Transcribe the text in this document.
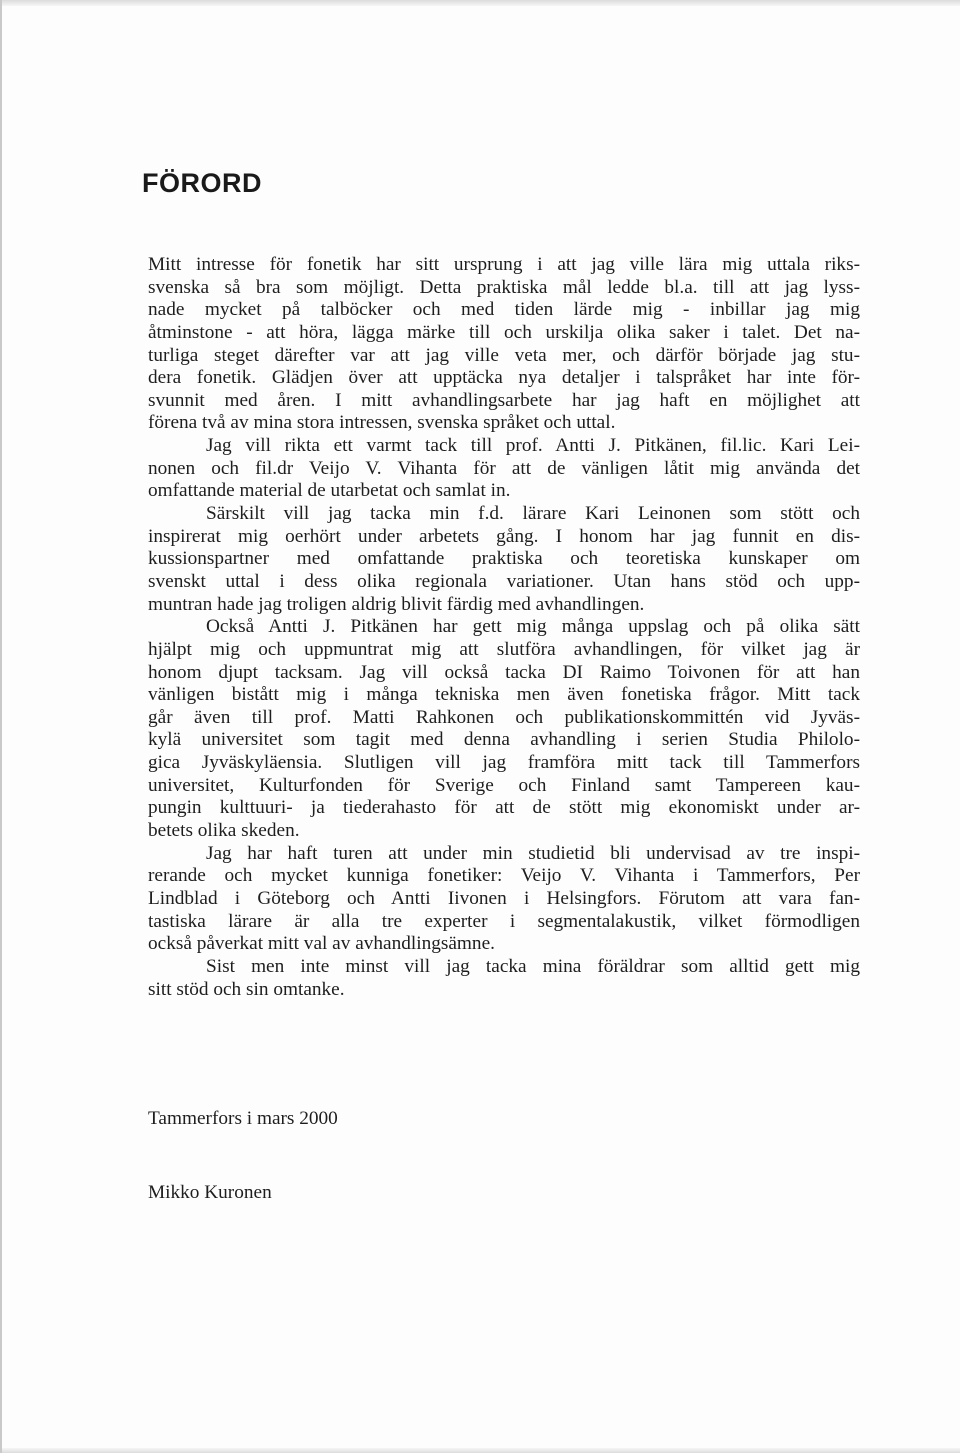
FÖRORD
Mitt intresse för fonetik har sitt ursprung i att jag ville lära mig uttala riks-
svenska så bra som möjligt. Detta praktiska mål ledde bl.a. till att jag lyss-
nade mycket på talböcker och med tiden lärde mig - inbillar jag mig
åtminstone - att höra, lägga märke till och urskilja olika saker i talet. Det na-
turliga steget därefter var att jag ville veta mer, och därför började jag stu-
dera fonetik. Glädjen över att upptäcka nya detaljer i talspråket har inte för-
svunnit med åren. I mitt avhandlingsarbete har jag haft en möjlighet att
förena två av mina stora intressen, svenska språket och uttal.
Jag vill rikta ett varmt tack till prof. Antti J. Pitkänen, fil.lic. Kari Lei-
nonen och fil.dr Veijo V. Vihanta för att de vänligen låtit mig använda det
omfattande material de utarbetat och samlat in.
Särskilt vill jag tacka min f.d. lärare Kari Leinonen som stött och
inspirerat mig oerhört under arbetets gång. I honom har jag funnit en dis-
kussionspartner med omfattande praktiska och teoretiska kunskaper om
svenskt uttal i dess olika regionala variationer. Utan hans stöd och upp-
muntran hade jag troligen aldrig blivit färdig med avhandlingen.
Också Antti J. Pitkänen har gett mig många uppslag och på olika sätt
hjälpt mig och uppmuntrat mig att slutföra avhandlingen, för vilket jag är
honom djupt tacksam. Jag vill också tacka DI Raimo Toivonen för att han
vänligen bistått mig i många tekniska men även fonetiska frågor. Mitt tack
går även till prof. Matti Rahkonen och publikationskommittén vid Jyväs-
kylä universitet som tagit med denna avhandling i serien Studia Philolo-
gica Jyväskyläensia. Slutligen vill jag framföra mitt tack till Tammerfors
universitet, Kulturfonden för Sverige och Finland samt Tampereen kau-
pungin kulttuuri- ja tiederahasto för att de stött mig ekonomiskt under ar-
betets olika skeden.
Jag har haft turen att under min studietid bli undervisad av tre inspi-
rerande och mycket kunniga fonetiker: Veijo V. Vihanta i Tammerfors, Per
Lindblad i Göteborg och Antti Iivonen i Helsingfors. Förutom att vara fan-
tastiska lärare är alla tre experter i segmentalakustik, vilket förmodligen
också påverkat mitt val av avhandlingsämne.
Sist men inte minst vill jag tacka mina föräldrar som alltid gett mig
sitt stöd och sin omtanke.
Tammerfors i mars 2000
Mikko Kuronen
